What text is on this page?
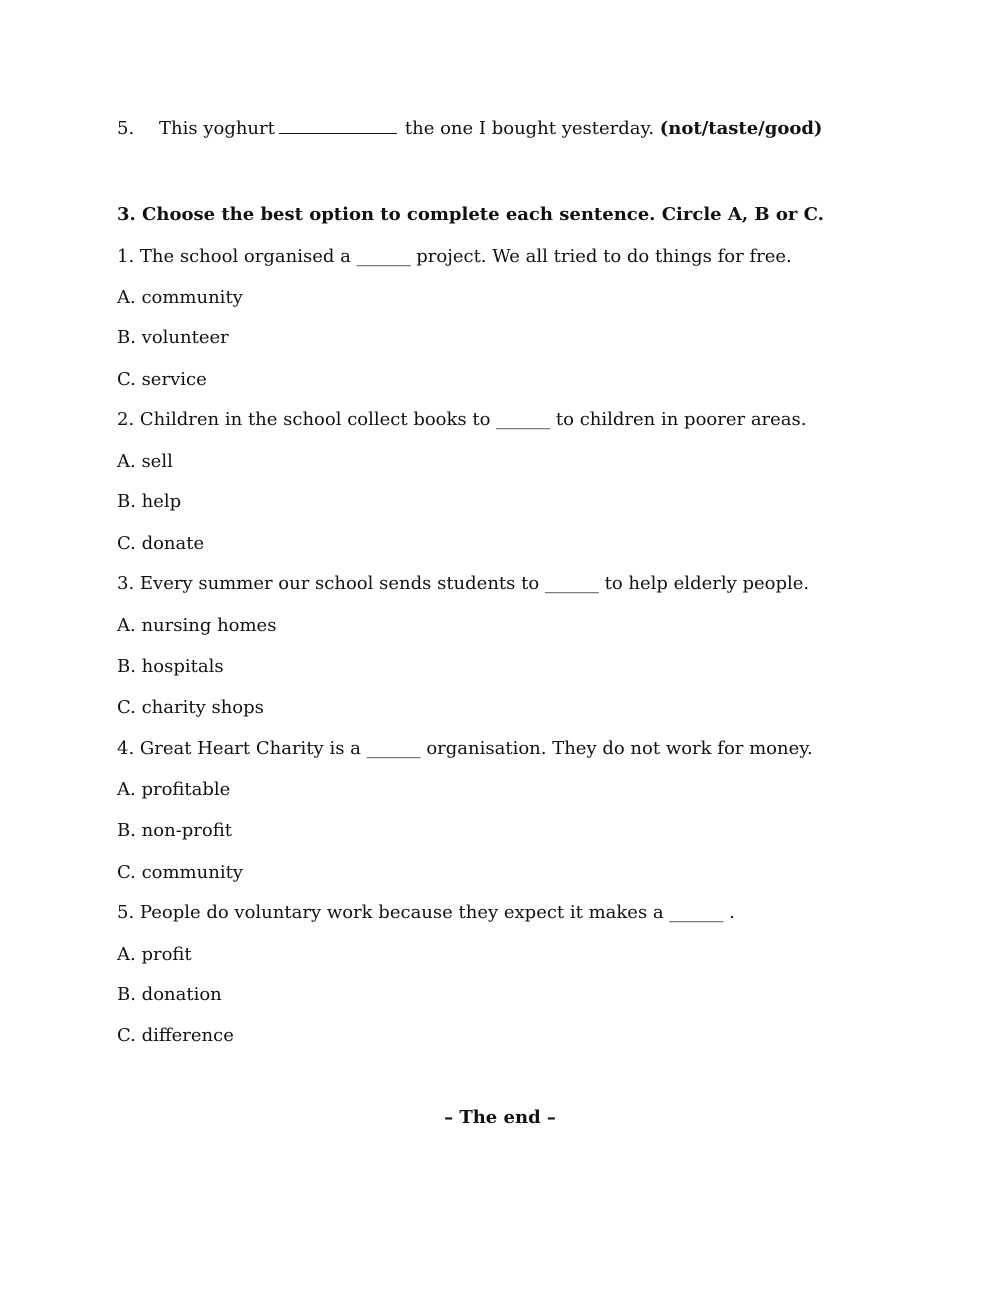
5. This yoghurt	the one I bought yesterday. (not/taste/good)
3. Choose the best option to complete each sentence. Circle A, B or C.
1. The school organised a ______ project. We all tried to do things for free.
A. community
B. volunteer
C. service
2. Children in the school collect books to ______ to children in poorer areas.
A. sell
B. help
C. donate
3. Every summer our school sends students to ______ to help elderly people.
A. nursing homes
B. hospitals
C. charity shops
4. Great Heart Charity is a ______ organisation. They do not work for money.
A. profitable
B. non-profit
C. community
5. People do voluntary work because they expect it makes a ______ .
A. profit
B. donation
C. difference
– The end –
